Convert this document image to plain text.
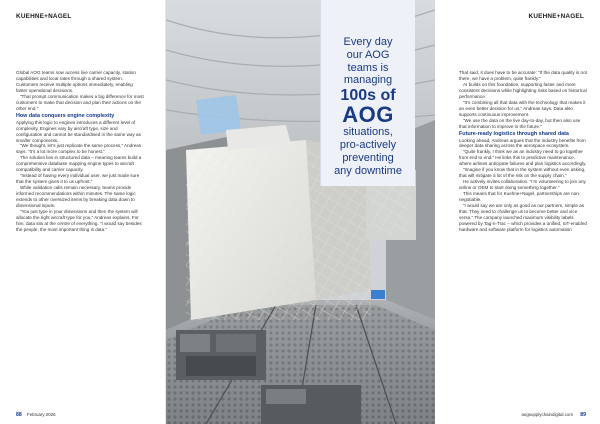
KUEHNE+NAGEL

Global AOG teams now access live carrier capacity, station capabilities and local rates through a shared system. Customers receive multiple options immediately, enabling faster operational decisions.

“That prompt communication makes a big difference for most customers to make that decision and plan their actions on the other end.”

How data conquers engine complexity

Applying this logic to engines introduces a different level of complexity. Engines vary by aircraft type, size and configuration and cannot be standardised in the same way as smaller components.

“We thought, let’s just replicate the same process,” Andreas says. “It’s a lot more complex to be honest.”

The solution lies in structured data – meaning teams build a comprehensive database mapping engine types to aircraft compatibility and carrier capacity.

“Instead of having every individual user, we just made sure that the system gives it to us upfront.”

While validation calls remain necessary, teams provide informed recommendations within minutes. The same logic extends to other oversized items by breaking data down to dimensional inputs.

“You just type in your dimensions and then the system will allocate the right aircraft type for you,” Andreas explains. For him, data sits at the centre of everything. “I would say besides the people, the most important thing is data.”

88 February 2026
Every day
our AOG
teams is
managing
100s of
AOG
situations,
pro-actively
preventing
any downtime
KUEHNE+NAGEL

That said, it does have to be accurate: “If the data quality is not there, we have a problem, quite frankly.”

AI builds on this foundation, supporting faster and more consistent decisions while highlighting risks based on historical performance.

“It’s combining all that data with the technology that makes it an even better decision for us,” Andreas says. Data also supports continuous improvement.

“We use the data on the live day-to-day, but then also use that information to improve in the future.”

Future-ready logistics through shared data

Looking ahead, Andreas argues that the industry benefits from deeper data sharing across the aerospace ecosystem.

“Quite frankly, I think we as an industry need to go together from end to end.” He links this to predictive maintenance, where airlines anticipate failures and plan logistics accordingly.

“Imagine if you know that in the system without even asking, that will mitigate a lot of the risk on the supply chain.”

He actively invites collaboration. “I’m volunteering to join any airline or OEM to start doing something together.”

This means that for Kuehne+Nagel, partnerships are non-negotiable.

“I would say we are only as good as our partners, simple as that. They need to challenge us to become better and vice versa.” The company launched maximum visibility labels powered by Tag-n-Trac – which provides a unified, IoT-enabled hardware and software platform for logistics automation

aogsupplychaindigital.com 89
